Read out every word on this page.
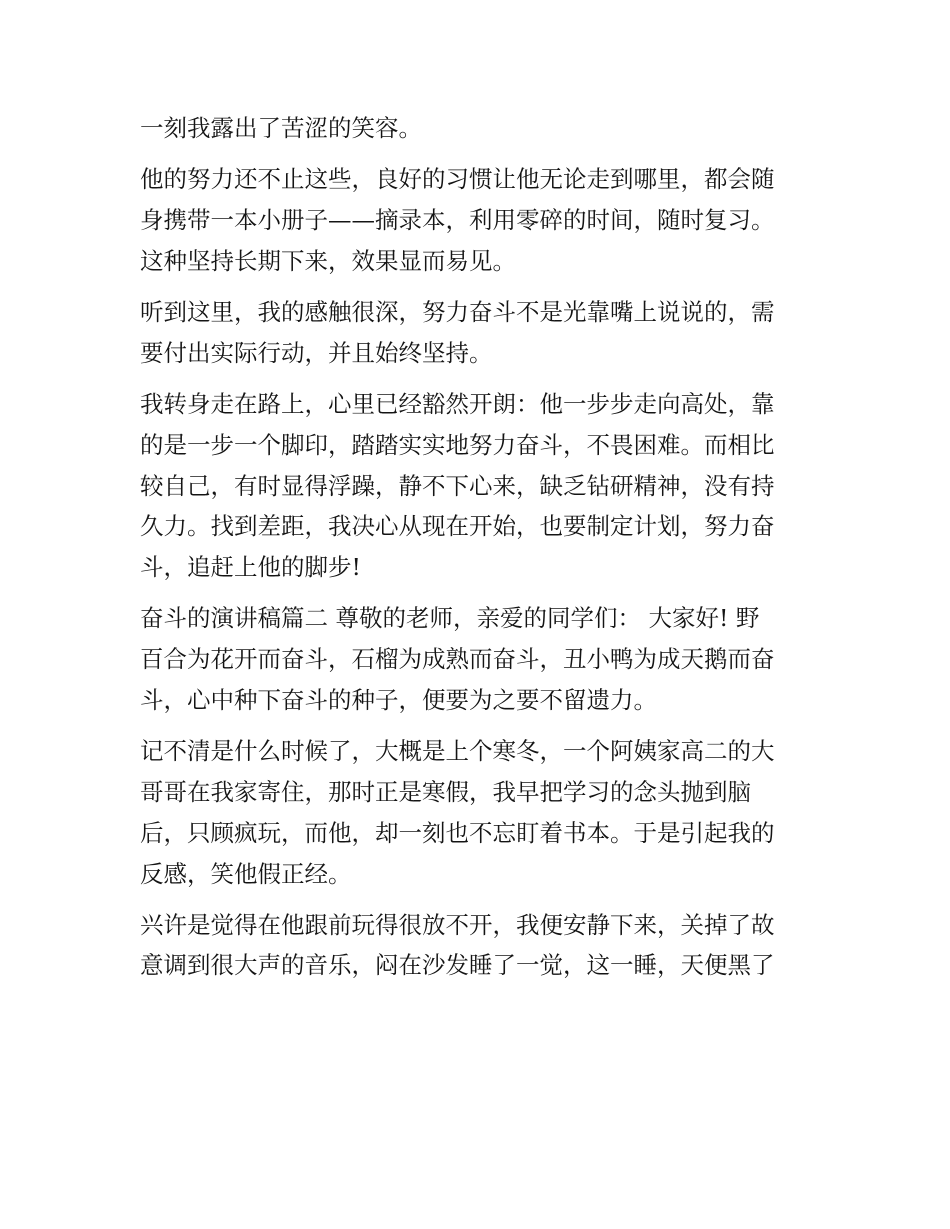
一刻我露出了苦涩的笑容。

他的努力还不止这些，良好的习惯让他无论走到哪里，都会随
身携带一本小册子——摘录本，利用零碎的时间，随时复习。
这种坚持长期下来，效果显而易见。

听到这里，我的感触很深，努力奋斗不是光靠嘴上说说的，需
要付出实际行动，并且始终坚持。

我转身走在路上，心里已经豁然开朗：他一步步走向高处，靠
的是一步一个脚印，踏踏实实地努力奋斗，不畏困难。而相比
较自己，有时显得浮躁，静不下心来，缺乏钻研精神，没有持
久力。找到差距，我决心从现在开始，也要制定计划，努力奋
斗，追赶上他的脚步!

奋斗的演讲稿篇二 尊敬的老师，亲爱的同学们： 大家好! 野
百合为花开而奋斗，石榴为成熟而奋斗，丑小鸭为成天鹅而奋
斗，心中种下奋斗的种子，便要为之要不留遗力。

记不清是什么时候了，大概是上个寒冬，一个阿姨家高二的大
哥哥在我家寄住，那时正是寒假，我早把学习的念头抛到脑
后，只顾疯玩，而他，却一刻也不忘盯着书本。于是引起我的
反感，笑他假正经。

兴许是觉得在他跟前玩得很放不开，我便安静下来，关掉了故
意调到很大声的音乐，闷在沙发睡了一觉，这一睡，天便黑了
